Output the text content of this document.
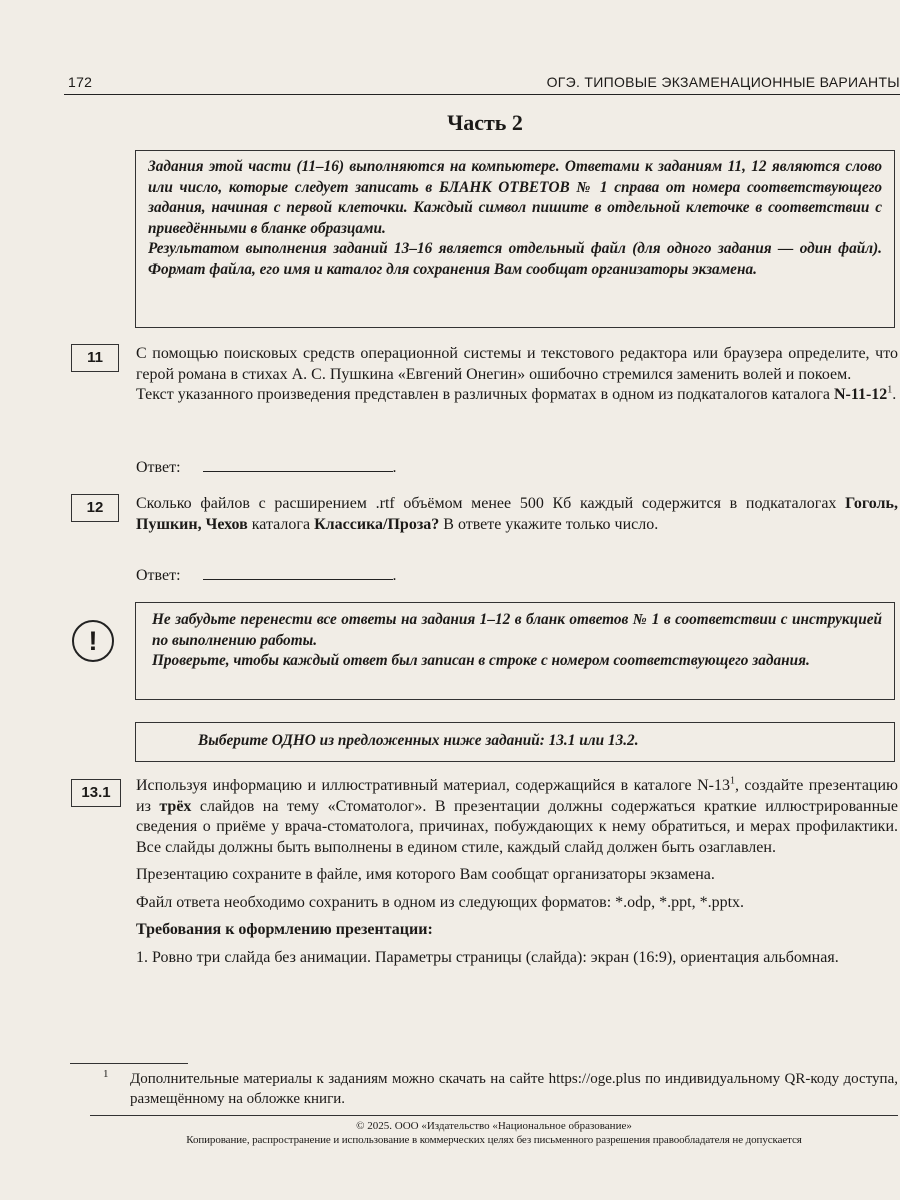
172	ОГЭ. ТИПОВЫЕ ЭКЗАМЕНАЦИОННЫЕ ВАРИАНТЫ
Часть 2

Задания этой части (11–16) выполняются на компьютере. Ответами к заданиям 11, 12 являются слово или число, которые следует записать в БЛАНК ОТВЕТОВ № 1 справа от номера соответствующего задания, начиная с первой клеточки. Каждый символ пишите в отдельной клеточке в соответствии с приведёнными в бланке образцами.

Результатом выполнения заданий 13–16 является отдельный файл (для одного задания — один файл). Формат файла, его имя и каталог для сохранения Вам сообщат организаторы экзамена.

11	С помощью поисковых средств операционной системы и текстового редактора или браузера определите, что герой романа в стихах А. С. Пушкина «Евгений Онегин» ошибочно стремился заменить волей и покоем.

Текст указанного произведения представлен в различных форматах в одном из подкаталогов каталога $N-11-12^1$.

Ответ:	.
12	Сколько файлов с расширением .rtf объёмом менее 500 Кб каждый содержится в подкаталогах Гоголь, Пушкин, Чехов каталога Классика/Проза? В ответе укажите только число.

Ответ:	.
!

Не забудьте перенести все ответы на задания 1–12 в бланк ответов № 1 в соответствии с инструкцией по выполнению работы.

Проверьте, чтобы каждый ответ был записан в строке с номером соответствующего задания.

Выберите ОДНО из предложенных ниже заданий: 13.1 или 13.2.

13.1	Используя информацию и иллюстративный материал, содержащийся в каталоге $N-13^1$, создайте презентацию из трёх слайдов на тему «Стоматолог». В презентации должны содержаться краткие иллюстрированные сведения о приёме у врача-стоматолога, причинах, побуждающих к нему обратиться, и мерах профилактики. Все слайды должны быть выполнены в едином стиле, каждый слайд должен быть озаглавлен.

Презентацию сохраните в файле, имя которого Вам сообщат организаторы экзамена.

Файл ответа необходимо сохранить в одном из следующих форматов: *.odp, *.ppt, *.pptx.

Требования к оформлению презентации:

1. Ровно три слайда без анимации. Параметры страницы (слайда): экран (16:9), ориентация альбомная.

1 Дополнительные материалы к заданиям можно скачать на сайте https://oge.plus по индивидуальному QR-коду доступа, размещённому на обложке книги.
© 2025. ООО «Издательство «Национальное образование»
Копирование, распространение и использование в коммерческих целях без письменного разрешения правообладателя не допускается
